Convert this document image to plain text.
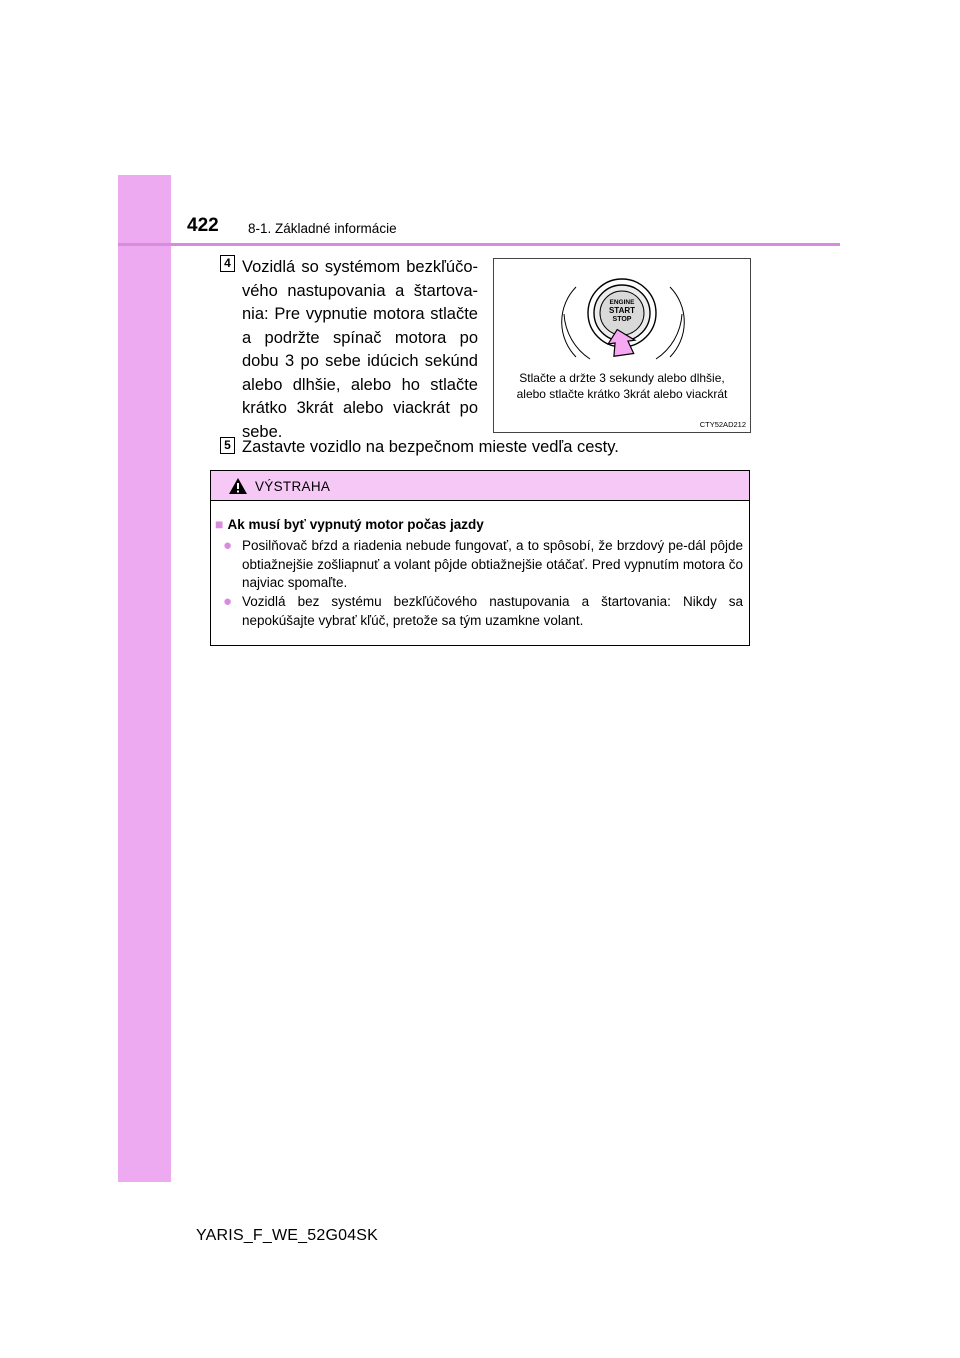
422 8-1. Základné informácie
4 Vozidlá so systémom bezkľúčo-vého nastupovania a štartova-nia: Pre vypnutie motora stlačte a podržte spínač motora po dobu 3 po sebe idúcich sekúnd alebo dlhšie, alebo ho stlačte krátko 3krát alebo viackrát po sebe.

ENGINE
START
STOP

Stlačte a držte 3 sekundy alebo dlhšie,
alebo stlačte krátko 3krát alebo viackrát

CTY52AD212
5 Zastavte vozidlo na bezpečnom mieste vedľa cesty.

VÝSTRAHA
■ Ak musí byť vypnutý motor počas jazdy
● Posilňovač bŕzd a riadenia nebude fungovať, a to spôsobí, že brzdový pe-dál pôjde obtiažnejšie zošliapnuť a volant pôjde obtiažnejšie otáčať. Pred vypnutím motora čo najviac spomaľte.
● Vozidlá bez systému bezkľúčového nastupovania a štartovania: Nikdy sa nepokúšajte vybrať kľúč, pretože sa tým uzamkne volant.
YARIS_F_WE_52G04SK
